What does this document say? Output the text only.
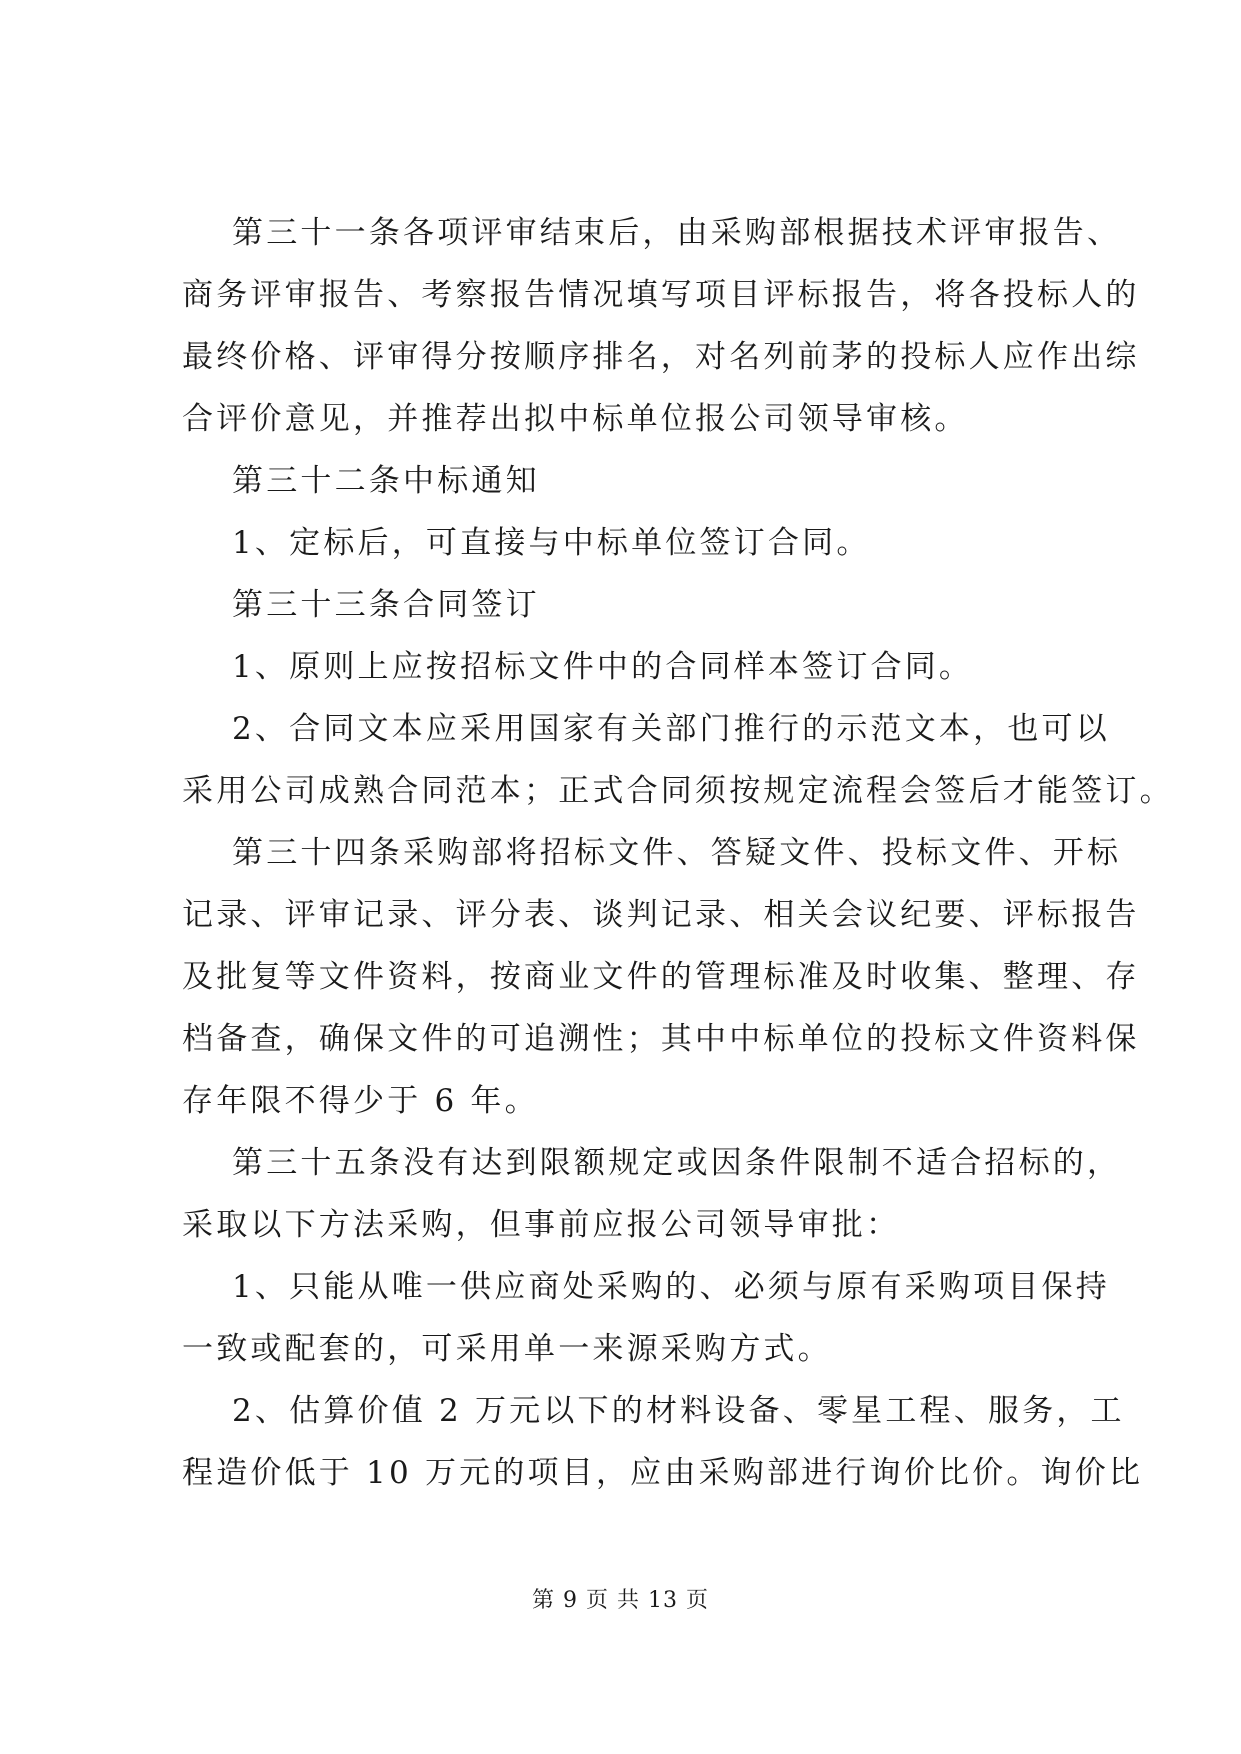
第三十一条各项评审结束后，由采购部根据技术评审报告、
商务评审报告、考察报告情况填写项目评标报告，将各投标人的
最终价格、评审得分按顺序排名，对名列前茅的投标人应作出综
合评价意见，并推荐出拟中标单位报公司领导审核。
第三十二条中标通知
1、定标后，可直接与中标单位签订合同。
第三十三条合同签订
1、原则上应按招标文件中的合同样本签订合同。
2、合同文本应采用国家有关部门推行的示范文本，也可以
采用公司成熟合同范本；正式合同须按规定流程会签后才能签订。
第三十四条采购部将招标文件、答疑文件、投标文件、开标
记录、评审记录、评分表、谈判记录、相关会议纪要、评标报告
及批复等文件资料，按商业文件的管理标准及时收集、整理、存
档备查，确保文件的可追溯性；其中中标单位的投标文件资料保
存年限不得少于 6 年。
第三十五条没有达到限额规定或因条件限制不适合招标的，
采取以下方法采购，但事前应报公司领导审批：
1、只能从唯一供应商处采购的、必须与原有采购项目保持
一致或配套的，可采用单一来源采购方式。
2、估算价值 2 万元以下的材料设备、零星工程、服务，工
程造价低于 10 万元的项目，应由采购部进行询价比价。询价比
第 9 页 共 13 页
